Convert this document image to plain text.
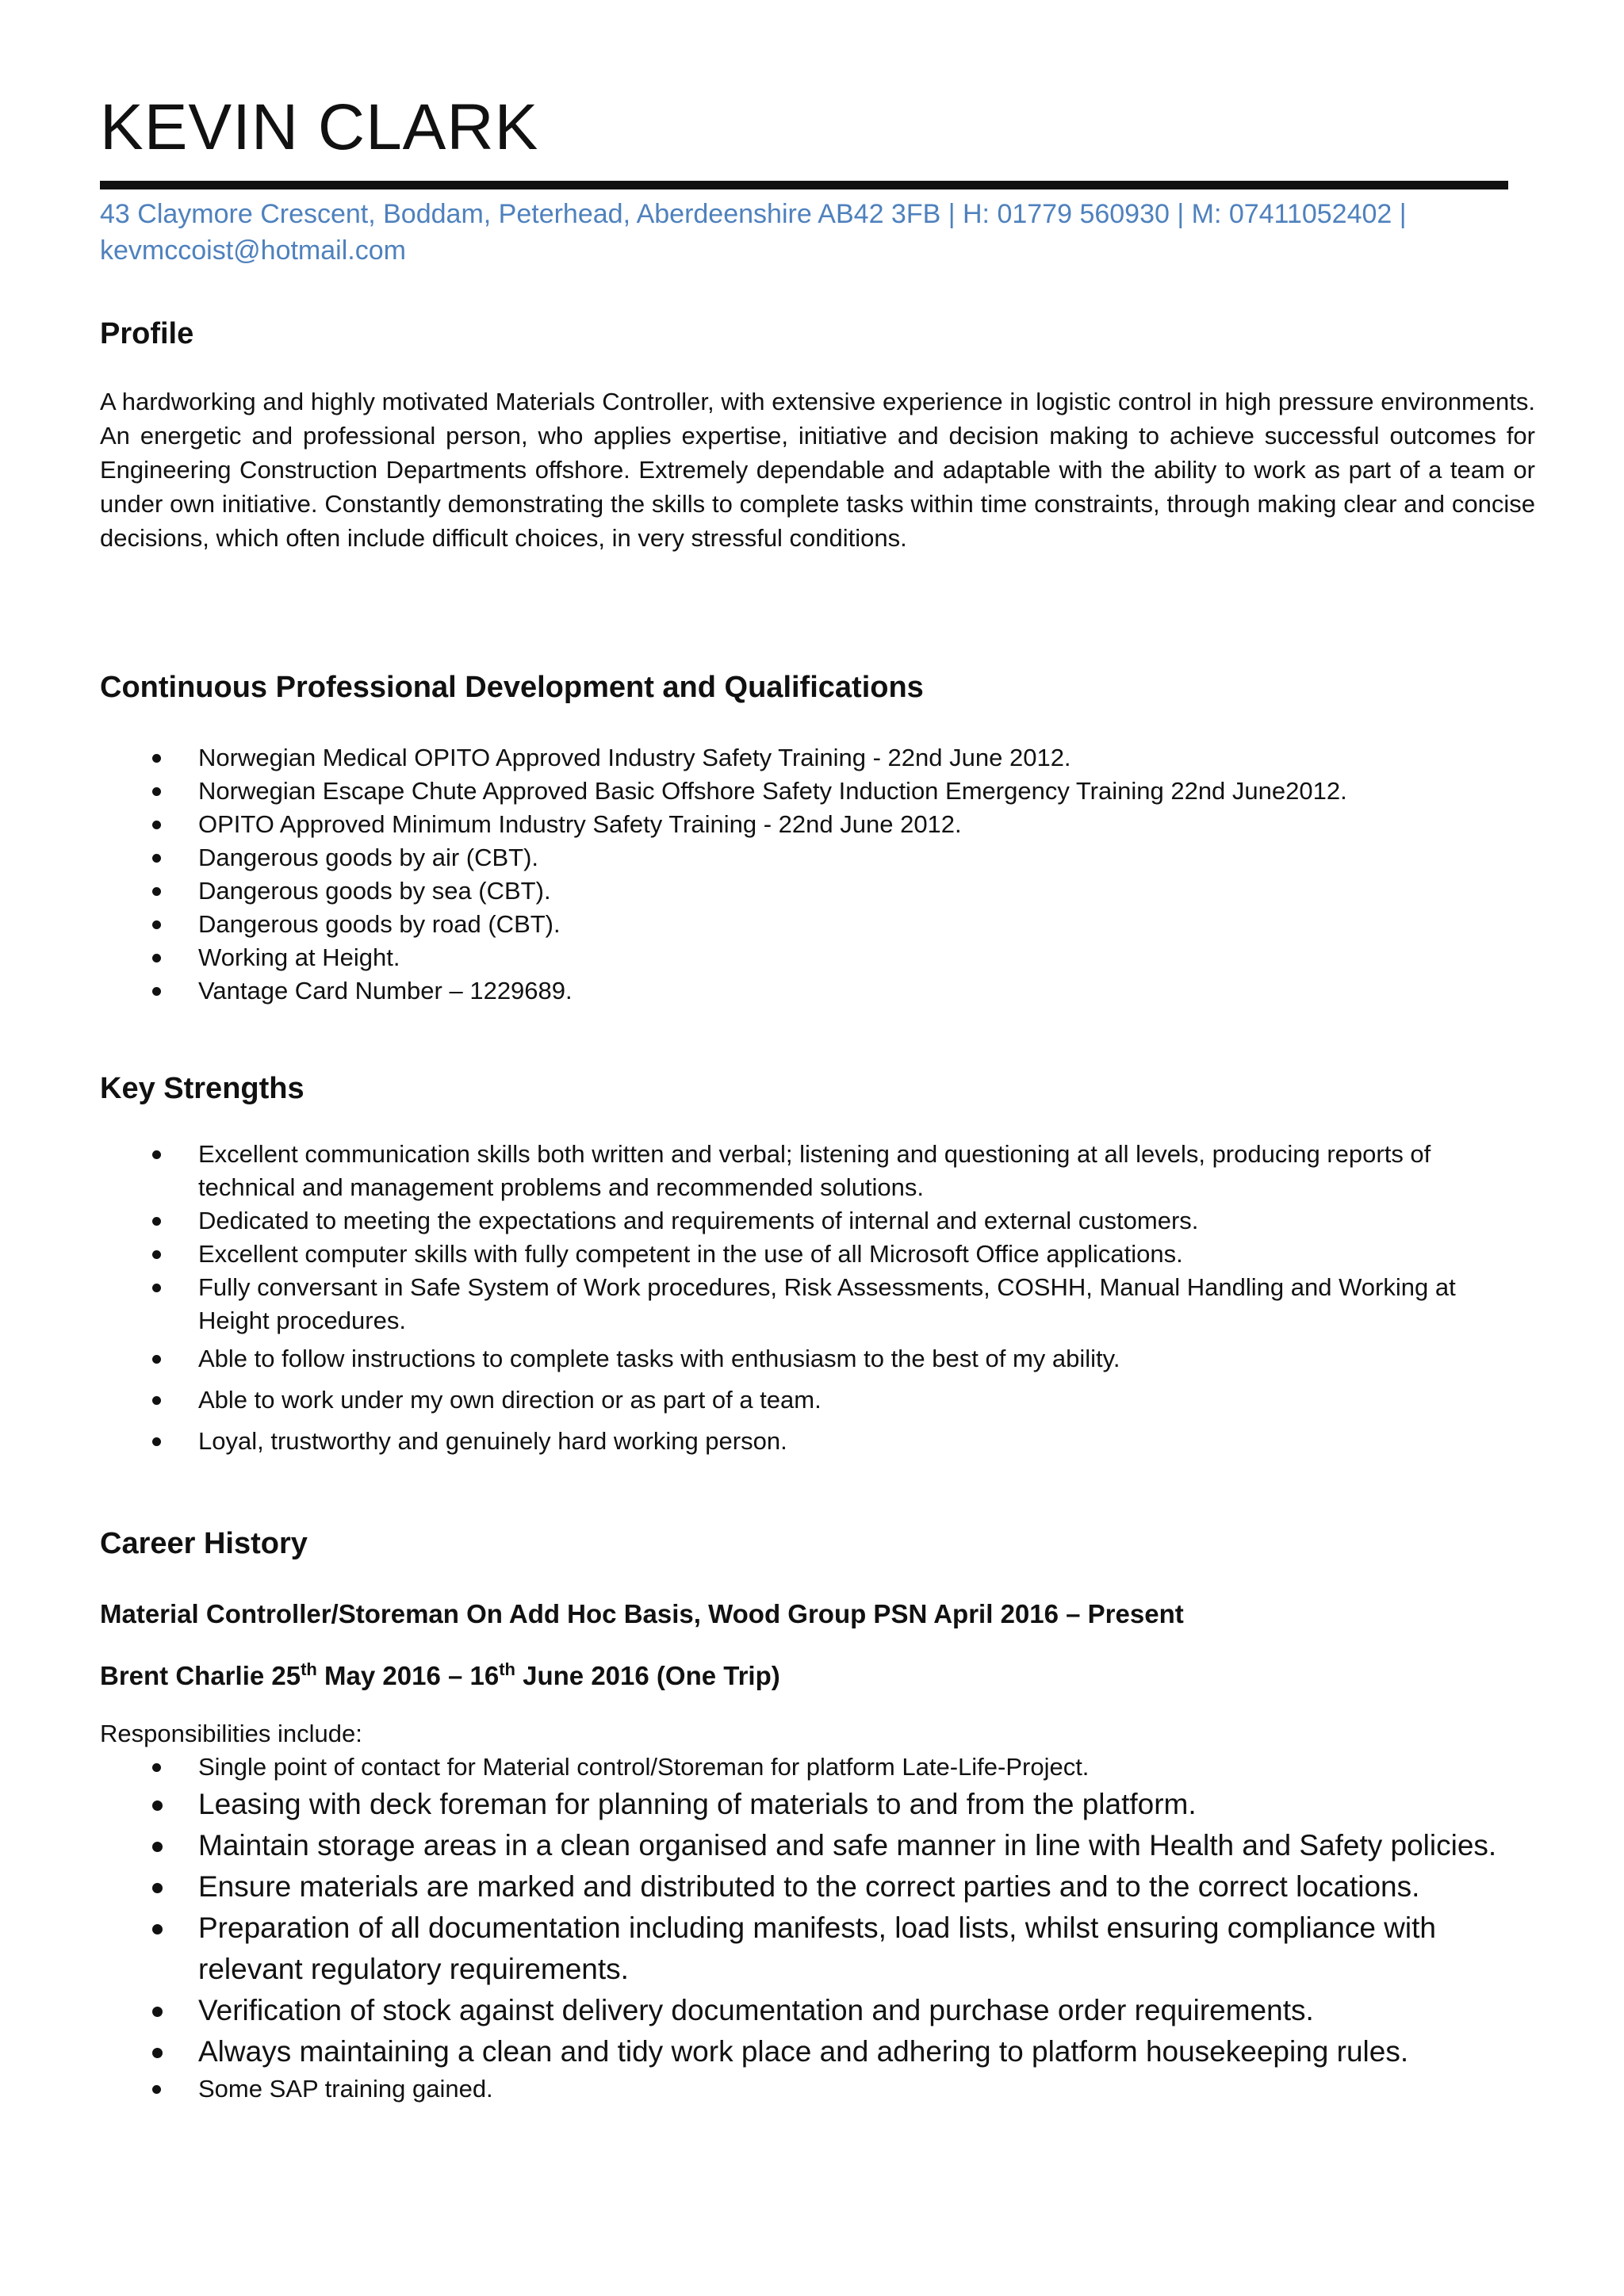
KEVIN CLARK
43 Claymore Crescent, Boddam, Peterhead, Aberdeenshire AB42 3FB | H: 01779 560930 | M: 07411052402 |
kevmccoist@hotmail.com
Profile
A hardworking and highly motivated Materials Controller, with extensive experience in logistic control in high pressure environments. An energetic and professional person, who applies expertise, initiative and decision making to achieve successful outcomes for Engineering Construction Departments offshore. Extremely dependable and adaptable with the ability to work as part of a team or under own initiative. Constantly demonstrating the skills to complete tasks within time constraints, through making clear and concise decisions, which often include difficult choices, in very stressful conditions.
Continuous Professional Development and Qualifications
Norwegian Medical OPITO Approved Industry Safety Training - 22nd June 2012.
Norwegian Escape Chute Approved Basic Offshore Safety Induction Emergency Training 22nd June2012.
OPITO Approved Minimum Industry Safety Training - 22nd June 2012.
Dangerous goods by air (CBT).
Dangerous goods by sea (CBT).
Dangerous goods by road (CBT).
Working at Height.
Vantage Card Number – 1229689.
Key Strengths
Excellent communication skills both written and verbal; listening and questioning at all levels, producing reports of technical and management problems and recommended solutions.
Dedicated to meeting the expectations and requirements of internal and external customers.
Excellent computer skills with fully competent in the use of all Microsoft Office applications.
Fully conversant in Safe System of Work procedures, Risk Assessments, COSHH, Manual Handling and Working at Height procedures.
Able to follow instructions to complete tasks with enthusiasm to the best of my ability.
Able to work under my own direction or as part of a team.
Loyal, trustworthy and genuinely hard working person.
Career History
Material Controller/Storeman On Add Hoc Basis, Wood Group PSN April 2016 – Present
Brent Charlie 25th May 2016 – 16th June 2016 (One Trip)
Responsibilities include:
Single point of contact for Material control/Storeman for platform Late-Life-Project.
Leasing with deck foreman for planning of materials to and from the platform.
Maintain storage areas in a clean organised and safe manner in line with Health and Safety policies.
Ensure materials are marked and distributed to the correct parties and to the correct locations.
Preparation of all documentation including manifests, load lists, whilst ensuring compliance with relevant regulatory requirements.
Verification of stock against delivery documentation and purchase order requirements.
Always maintaining a clean and tidy work place and adhering to platform housekeeping rules.
Some SAP training gained.
